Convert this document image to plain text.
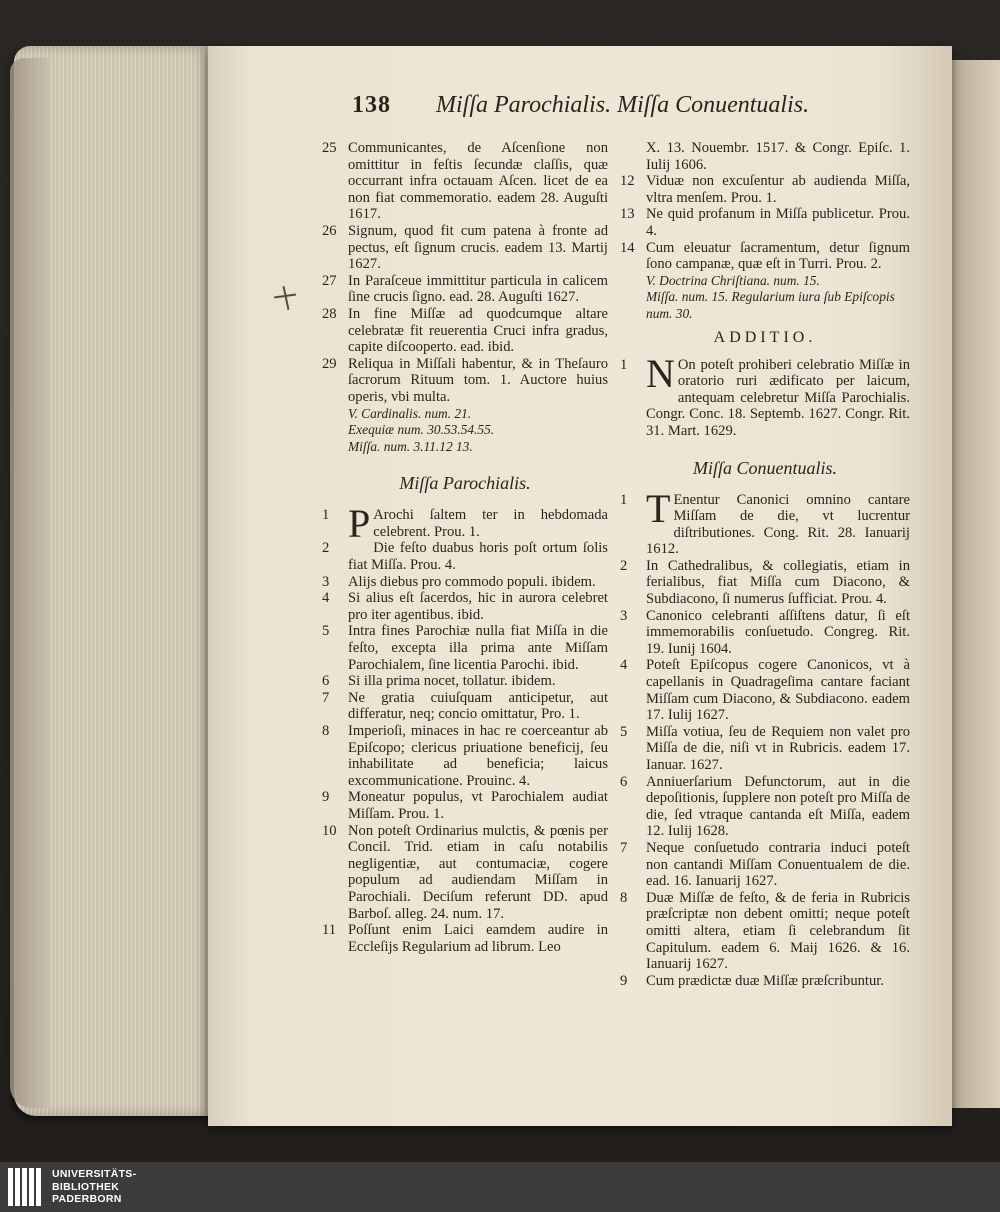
138 Miſſa Parochialis. Miſſa Conuentualis.
25 Communicantes, de Aſcenſione non omittitur in feſtis ſecundæ claſſis, quæ occurrant infra octauam Aſcen. licet de ea non fiat commemoratio. eadem 28. Auguſti 1617.
26 Signum, quod fit cum patena à fronte ad pectus, eſt ſignum crucis. eadem 13. Martij 1627.
27 In Paraſceue immittitur particula in calicem ſine crucis ſigno. ead. 28. Auguſti 1627.
28 In fine Miſſæ ad quodcumque altare celebratæ fit reuerentia Cruci infra gradus, capite diſcooperto. ead. ibid.
29 Reliqua in Miſſali habentur, & in Theſauro ſacrorum Rituum tom. 1. Auctore huius operis, vbi multa.
V. Cardinalis. num. 21.
Exequiæ num. 30.53.54.55.
Miſſa. num. 3.11.12 13.
Miſſa Parochialis.
1 P Arochi ſaltem ter in hebdomada celebrent. Prou. 1.
2	Die feſto duabus horis poſt ortum ſolis fiat Miſſa. Prou. 4.
3	Alijs diebus pro commodo populi. ibidem.
4	Si alius eſt ſacerdos, hic in aurora celebret pro iter agentibus. ibid.
5	Intra fines Parochiæ nulla fiat Miſſa in die feſto, excepta illa prima ante Miſſam Parochialem, ſine licentia Parochi. ibid.
6	Si illa prima nocet, tollatur. ibidem.
7	Ne gratia cuiuſquam anticipetur, aut differatur, neq; concio omittatur, Pro. 1.
8	Imperioſi, minaces in hac re coerceantur ab Epiſcopo; clericus priuatione beneficij, ſeu inhabilitate ad beneficia; laicus excommunicatione. Prouinc. 4.
9	Moneatur populus, vt Parochialem audiat Miſſam. Prou. 1.
10 Non poteſt Ordinarius mulctis, & pœnis per Concil. Trid. etiam in caſu notabilis negligentiæ, aut contumaciæ, cogere populum ad audiendam Miſſam in Parochiali. Deciſum referunt DD. apud Barboſ. alleg. 24. num. 17.
11 Poſſunt enim Laici eamdem audire in Eccleſijs Regularium ad librum. Leo
X. 13. Nouembr. 1517. & Congr. Epiſc. 1. Iulij 1606.
12 Viduæ non excuſentur ab audienda Miſſa, vltra menſem. Prou. 1.
13 Ne quid profanum in Miſſa publicetur. Prou. 4.
14 Cum eleuatur ſacramentum, detur ſignum ſono campanæ, quæ eſt in Turri. Prou. 2.
V. Doctrina Chriſtiana. num. 15.
Miſſa. num. 15. Regularium iura ſub Epiſcopis num. 30.
ADDITIO.
1 N On poteſt prohiberi celebratio Miſſæ in oratorio ruri ædificato per laicum, antequam celebretur Miſſa Parochialis. Congr. Conc. 18. Septemb. 1627. Congr. Rit. 31. Mart. 1629.
Miſſa Conuentualis.
1 T Enentur Canonici omnino cantare Miſſam de die, vt lucrentur diſtributiones. Cong. Rit. 28. Ianuarij 1612.
2	In Cathedralibus, & collegiatis, etiam in ferialibus, fiat Miſſa cum Diacono, & Subdiacono, ſi numerus ſufficiat. Prou. 4.
3	Canonico celebranti aſſiſtens datur, ſi eſt immemorabilis conſuetudo. Congreg. Rit. 19. Iunij 1604.
4	Poteſt Epiſcopus cogere Canonicos, vt à capellanis in Quadrageſima cantare faciant Miſſam cum Diacono, & Subdiacono. eadem 17. Iulij 1627.
5	Miſſa votiua, ſeu de Requiem non valet pro Miſſa de die, niſi vt in Rubricis. eadem 17. Ianuar. 1627.
6	Anniuerſarium Defunctorum, aut in die depoſitionis, ſupplere non poteſt pro Miſſa de die, ſed vtraque cantanda eſt Miſſa, eadem 12. Iulij 1628.
7	Neque conſuetudo contraria induci poteſt non cantandi Miſſam Conuentualem de die. ead. 16. Ianuarij 1627.
8	Duæ Miſſæ de feſto, & de feria in Rubricis præſcriptæ non debent omitti; neque poteſt omitti altera, etiam ſi celebrandum ſit Capitulum. eadem 6. Maij 1626. & 16. Ianuarij 1627.
9	Cum prædictæ duæ Miſſæ præſcribuntur.
UNIVERSITÄTS-
BIBLIOTHEK
PADERBORN
